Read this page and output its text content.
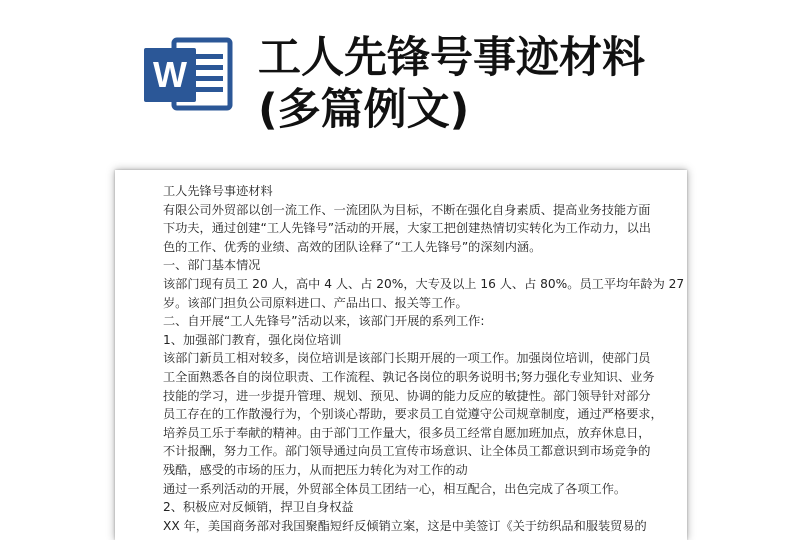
W 工人先锋号事迹材料
(多篇例文)
工人先锋号事迹材料
有限公司外贸部以创一流工作、一流团队为目标，不断在强化自身素质、提高业务技能方面
下功夫，通过创建“工人先锋号”活动的开展，大家工把创建热情切实转化为工作动力，以出
色的工作、优秀的业绩、高效的团队诠释了“工人先锋号”的深刻内涵。
一、部门基本情况
该部门现有员工 20 人，高中 4 人、占 20%，大专及以上 16 人、占 80%。员工平均年龄为 27
岁。该部门担负公司原料进口、产品出口、报关等工作。
二、自开展“工人先锋号”活动以来，该部门开展的系列工作:
1、加强部门教育，强化岗位培训
该部门新员工相对较多，岗位培训是该部门长期开展的一项工作。加强岗位培训，使部门员
工全面熟悉各自的岗位职责、工作流程、孰记各岗位的职务说明书;努力强化专业知识、业务
技能的学习，进一步提升管理、规划、预见、协调的能力反应的敏捷性。部门领导针对部分
员工存在的工作散漫行为，个别谈心帮助，要求员工自觉遵守公司规章制度，通过严格要求，
培养员工乐于奉献的精神。由于部门工作量大，很多员工经常自愿加班加点，放弃休息日，
不计报酬，努力工作。部门领导通过向员工宣传市场意识、让全体员工都意识到市场竞争的
残酷，感受的市场的压力，从而把压力转化为对工作的动
通过一系列活动的开展，外贸部全体员工团结一心，相互配合，出色完成了各项工作。
2、积极应对反倾销，捍卫自身权益
XX 年，美国商务部对我国聚酯短纤反倾销立案，这是中美签订《关于纺织品和服装贸易的
